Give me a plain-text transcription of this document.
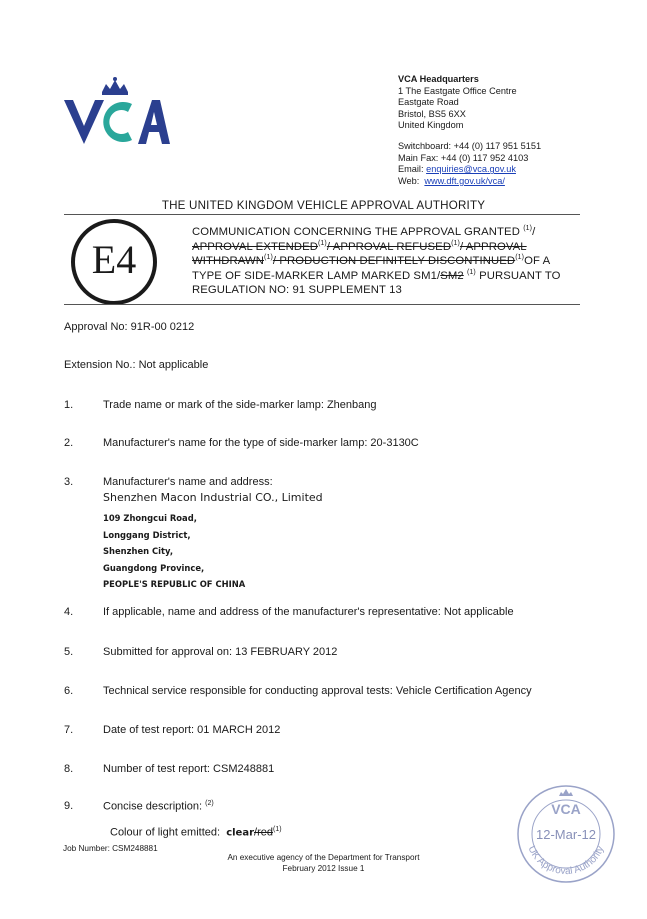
VCA Headquarters
1 The Eastgate Office Centre
Eastgate Road
Bristol, BS5 6XX
United Kingdom
Switchboard: +44 (0) 117 951 5151
Main Fax: +44 (0) 117 952 4103
Email: enquiries@vca.gov.uk
Web: www.dft.gov.uk/vca/
THE UNITED KINGDOM VEHICLE APPROVAL AUTHORITY
E4
COMMUNICATION CONCERNING THE APPROVAL GRANTED $^{(1)}$/ APPROVAL EXTENDED$^{(1)}$/ APPROVAL REFUSED$^{(1)}$/ APPROVAL WITHDRAWN$^{(1)}$/ PRODUCTION DEFINITELY DISCONTINUED$^{(1)}$OF A TYPE OF SIDE-MARKER LAMP MARKED SM1/SM2 $^{(1)}$ PURSUANT TO REGULATION NO: 91 SUPPLEMENT 13
Approval No: 91R-00 0212
Extension No.: Not applicable
1.	Trade name or mark of the side-marker lamp: Zhenbang
2.	Manufacturer's name for the type of side-marker lamp: 20-3130C
3.	Manufacturer's name and address:
Shenzhen Macon Industrial CO., Limited
109 Zhongcui Road,
Longgang District,
Shenzhen City,
Guangdong Province,
PEOPLE'S REPUBLIC OF CHINA
4.	If applicable, name and address of the manufacturer's representative: Not applicable
5.	Submitted for approval on: 13 FEBRUARY 2012
6.	Technical service responsible for conducting approval tests: Vehicle Certification Agency
7.	Date of test report: 01 MARCH 2012
8.	Number of test report: CSM248881
9.	Concise description: $^{(2)}$
Colour of light emitted: clear/red$^{(1)}$
VCA
12-Mar-12
UK Approval Authority
Job Number: CSM248881
An executive agency of the Department for Transport
February 2012 Issue 1
